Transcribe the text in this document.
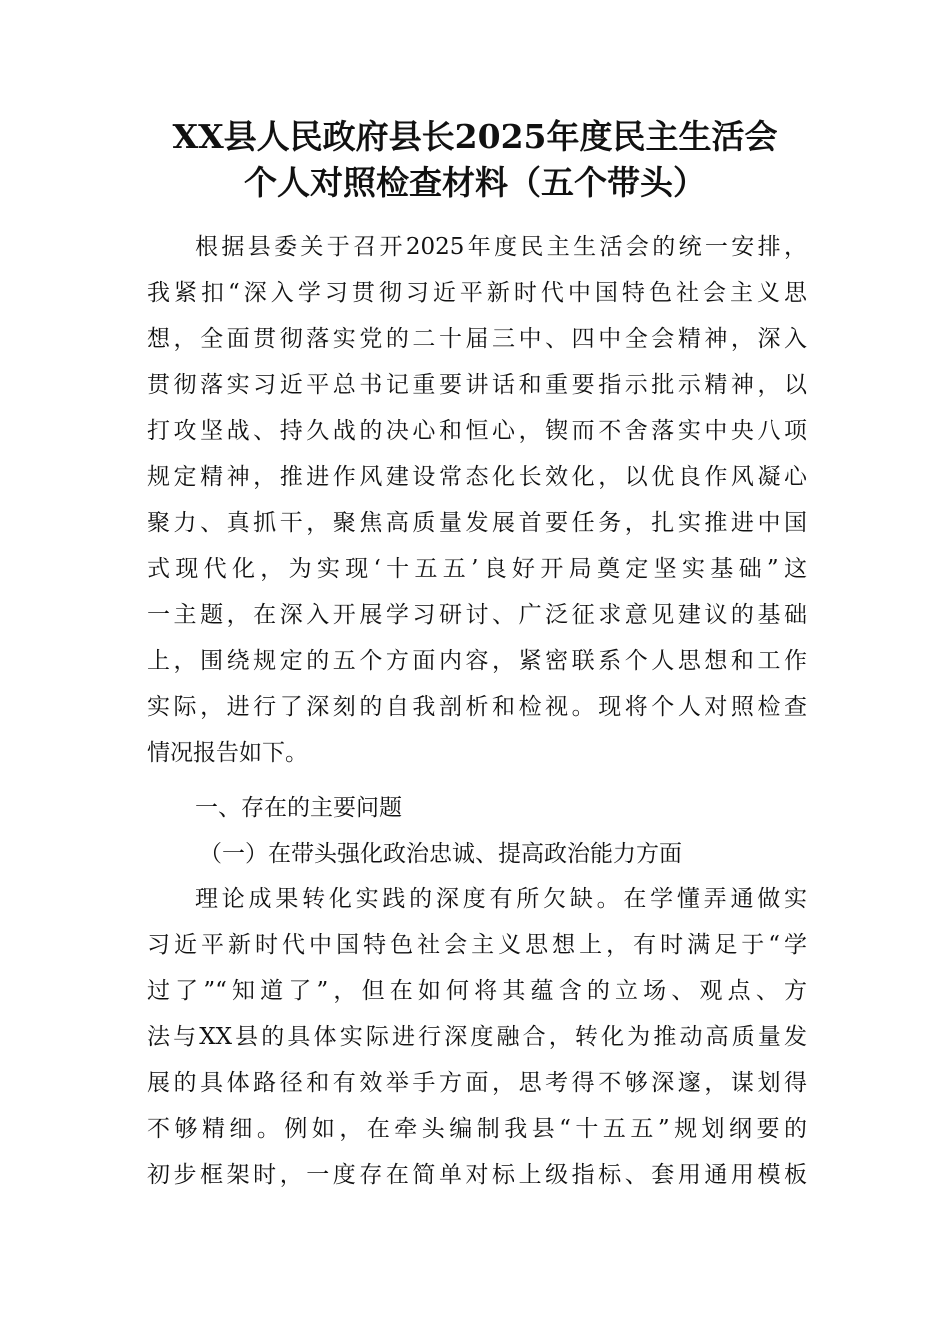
XX县人民政府县长2025年度民主生活会
个人对照检查材料（五个带头）

根据县委关于召开2025年度民主生活会的统一安排，

我紧扣“深入学习贯彻习近平新时代中国特色社会主义思

想，全面贯彻落实党的二十届三中、四中全会精神，深入

贯彻落实习近平总书记重要讲话和重要指示批示精神，以

打攻坚战、持久战的决心和恒心，锲而不舍落实中央八项

规定精神，推进作风建设常态化长效化，以优良作风凝心

聚力、真抓干，聚焦高质量发展首要任务，扎实推进中国

式现代化，为实现‘十五五’良好开局奠定坚实基础”这

一主题，在深入开展学习研讨、广泛征求意见建议的基础

上，围绕规定的五个方面内容，紧密联系个人思想和工作

实际，进行了深刻的自我剖析和检视。现将个人对照检查

情况报告如下。

一、存在的主要问题
（一）在带头强化政治忠诚、提高政治能力方面

理论成果转化实践的深度有所欠缺。在学懂弄通做实

习近平新时代中国特色社会主义思想上，有时满足于“学

过了”“知道了”，但在如何将其蕴含的立场、观点、方

法与XX县的具体实际进行深度融合，转化为推动高质量发

展的具体路径和有效举手方面，思考得不够深邃，谋划得

不够精细。例如，在牵头编制我县“十五五”规划纲要的

初步框架时，一度存在简单对标上级指标、套用通用模板
